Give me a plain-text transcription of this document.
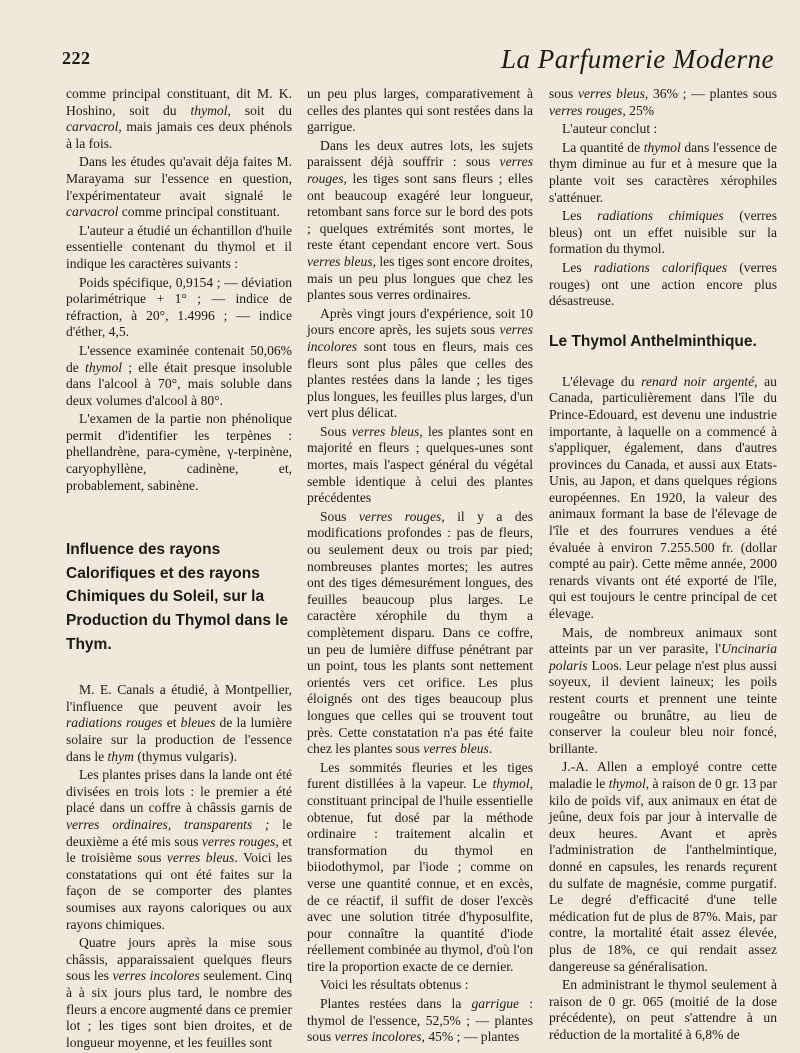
222	La Parfumerie Moderne

comme principal constituant, dit M. K. Hoshino, soit du thymol, soit du carvacrol, mais jamais ces deux phénols à la fois.

Dans les études qu'avait déja faites M. Marayama sur l'essence en question, l'expérimentateur avait signalé le carvacrol comme principal constituant.

L'auteur a étudié un échantillon d'huile essentielle contenant du thymol et il indique les caractères suivants :

Poids spécifique, 0,9154 ; — déviation polarimétrique + 1° ; — indice de réfraction, à 20°, 1.4996 ; — indice d'éther, 4,5.

L'essence examinée contenait 50,06% de thymol ; elle était presque insoluble dans l'alcool à 70°, mais soluble dans deux volumes d'alcool à 80°.

L'examen de la partie non phénolique permit d'identifier les terpènes : phellandrène, para-cymène, γ-terpinène, caryophyllène, cadinène, et, probablement, sabinène.

Influence des rayons Calorifiques et des rayons Chimiques du Soleil, sur la Production du Thymol dans le Thym.

M. E. Canals a étudié, à Montpellier, l'influence que peuvent avoir les radiations rouges et bleues de la lumière solaire sur la production de l'essence dans le thym (thymus vulgaris).

Les plantes prises dans la lande ont été divisées en trois lots : le premier a été placé dans un coffre à châssis garnis de verres ordinaires, transparents ; le deuxième a été mis sous verres rouges, et le troisième sous verres bleus. Voici les constatations qui ont été faites sur la façon de se comporter des plantes soumises aux rayons caloriques ou aux rayons chimiques.

Quatre jours après la mise sous châssis, apparaissaient quelques fleurs sous les verres incolores seulement. Cinq à à six jours plus tard, le nombre des fleurs a encore augmenté dans ce premier lot ; les tiges sont bien droites, et de longueur moyenne, et les feuilles sont

un peu plus larges, comparativement à celles des plantes qui sont restées dans la garrigue.

Dans les deux autres lots, les sujets paraissent déjà souffrir : sous verres rouges, les tiges sont sans fleurs ; elles ont beaucoup exagéré leur longueur, retombant sans force sur le bord des pots ; quelques extrémités sont mortes, le reste étant cependant encore vert. Sous verres bleus, les tiges sont encore droites, mais un peu plus longues que chez les plantes sous verres ordinaires.

Après vingt jours d'expérience, soit 10 jours encore après, les sujets sous verres incolores sont tous en fleurs, mais ces fleurs sont plus pâles que celles des plantes restées dans la lande ; les tiges plus longues, les feuilles plus larges, d'un vert plus délicat.

Sous verres bleus, les plantes sont en majorité en fleurs ; quelques-unes sont mortes, mais l'aspect général du végétal semble identique à celui des plantes précédentes

Sous verres rouges, il y a des modifications profondes : pas de fleurs, ou seulement deux ou trois par pied; nombreuses plantes mortes; les autres ont des tiges démesurément longues, des feuilles beaucoup plus larges. Le caractère xérophile du thym a complètement disparu. Dans ce coffre, un peu de lumière diffuse pénétrant par un point, tous les plants sont nettement orientés vers cet orifice. Les plus éloignés ont des tiges beaucoup plus longues que celles qui se trouvent tout près. Cette constatation n'a pas été faite chez les plantes sous verres bleus.

Les sommités fleuries et les tiges furent distillées à la vapeur. Le thymol, constituant principal de l'huile essentielle obtenue, fut dosé par la méthode ordinaire : traitement alcalin et transformation du thymol en biiodothymol, par l'iode ; comme on verse une quantité connue, et en excès, de ce réactif, il suffit de doser l'excès avec une solution titrée d'hyposulfite, pour connaître la quantité d'iode réellement combinée au thymol, d'où l'on tire la proportion exacte de ce dernier.

Voici les résultats obtenus :

Plantes restées dans la garrigue : thymol de l'essence, 52,5% ; — plantes sous verres incolores, 45% ; — plantes

sous verres bleus, 36% ; — plantes sous verres rouges, 25%

L'auteur conclut :

La quantité de thymol dans l'essence de thym diminue au fur et à mesure que la plante voit ses caractères xérophiles s'atténuer.

Les radiations chimiques (verres bleus) ont un effet nuisible sur la formation du thymol.

Les radiations calorifiques (verres rouges) ont une action encore plus désastreuse.

Le Thymol Anthelminthique.

L'élevage du renard noir argenté, au Canada, particulièrement dans l'île du Prince-Edouard, est devenu une industrie importante, à laquelle on a commencé à s'appliquer, également, dans d'autres provinces du Canada, et aussi aux Etats-Unis, au Japon, et dans quelques régions européennes. En 1920, la valeur des animaux formant la base de l'élevage de l'île et des fourrures vendues a été évaluée à environ 7.255.500 fr. (dollar compté au pair). Cette même année, 2000 renards vivants ont été exporté de l'île, qui est toujours le centre principal de cet élevage.

Mais, de nombreux animaux sont atteints par un ver parasite, l'Uncinaria polaris Loos. Leur pelage n'est plus aussi soyeux, il devient laineux; les poils restent courts et prennent une teinte rougeâtre ou brunâtre, au lieu de conserver la couleur bleu noir foncé, brillante.

J.-A. Allen a employé contre cette maladie le thymol, à raison de 0 gr. 13 par kilo de poids vif, aux animaux en état de jeûne, deux fois par jour à intervalle de deux heures. Avant et après l'administration de l'anthelmintique, donné en capsules, les renards reçurent du sulfate de magnésie, comme purgatif. Le degré d'efficacité d'une telle médication fut de plus de 87%. Mais, par contre, la mortalité était assez élevée, plus de 18%, ce qui rendait assez dangereuse sa généralisation.

En administrant le thymol seulement à raison de 0 gr. 065 (moitié de la dose précédente), on peut s'attendre à un réduction de la mortalité à 6,8% de
